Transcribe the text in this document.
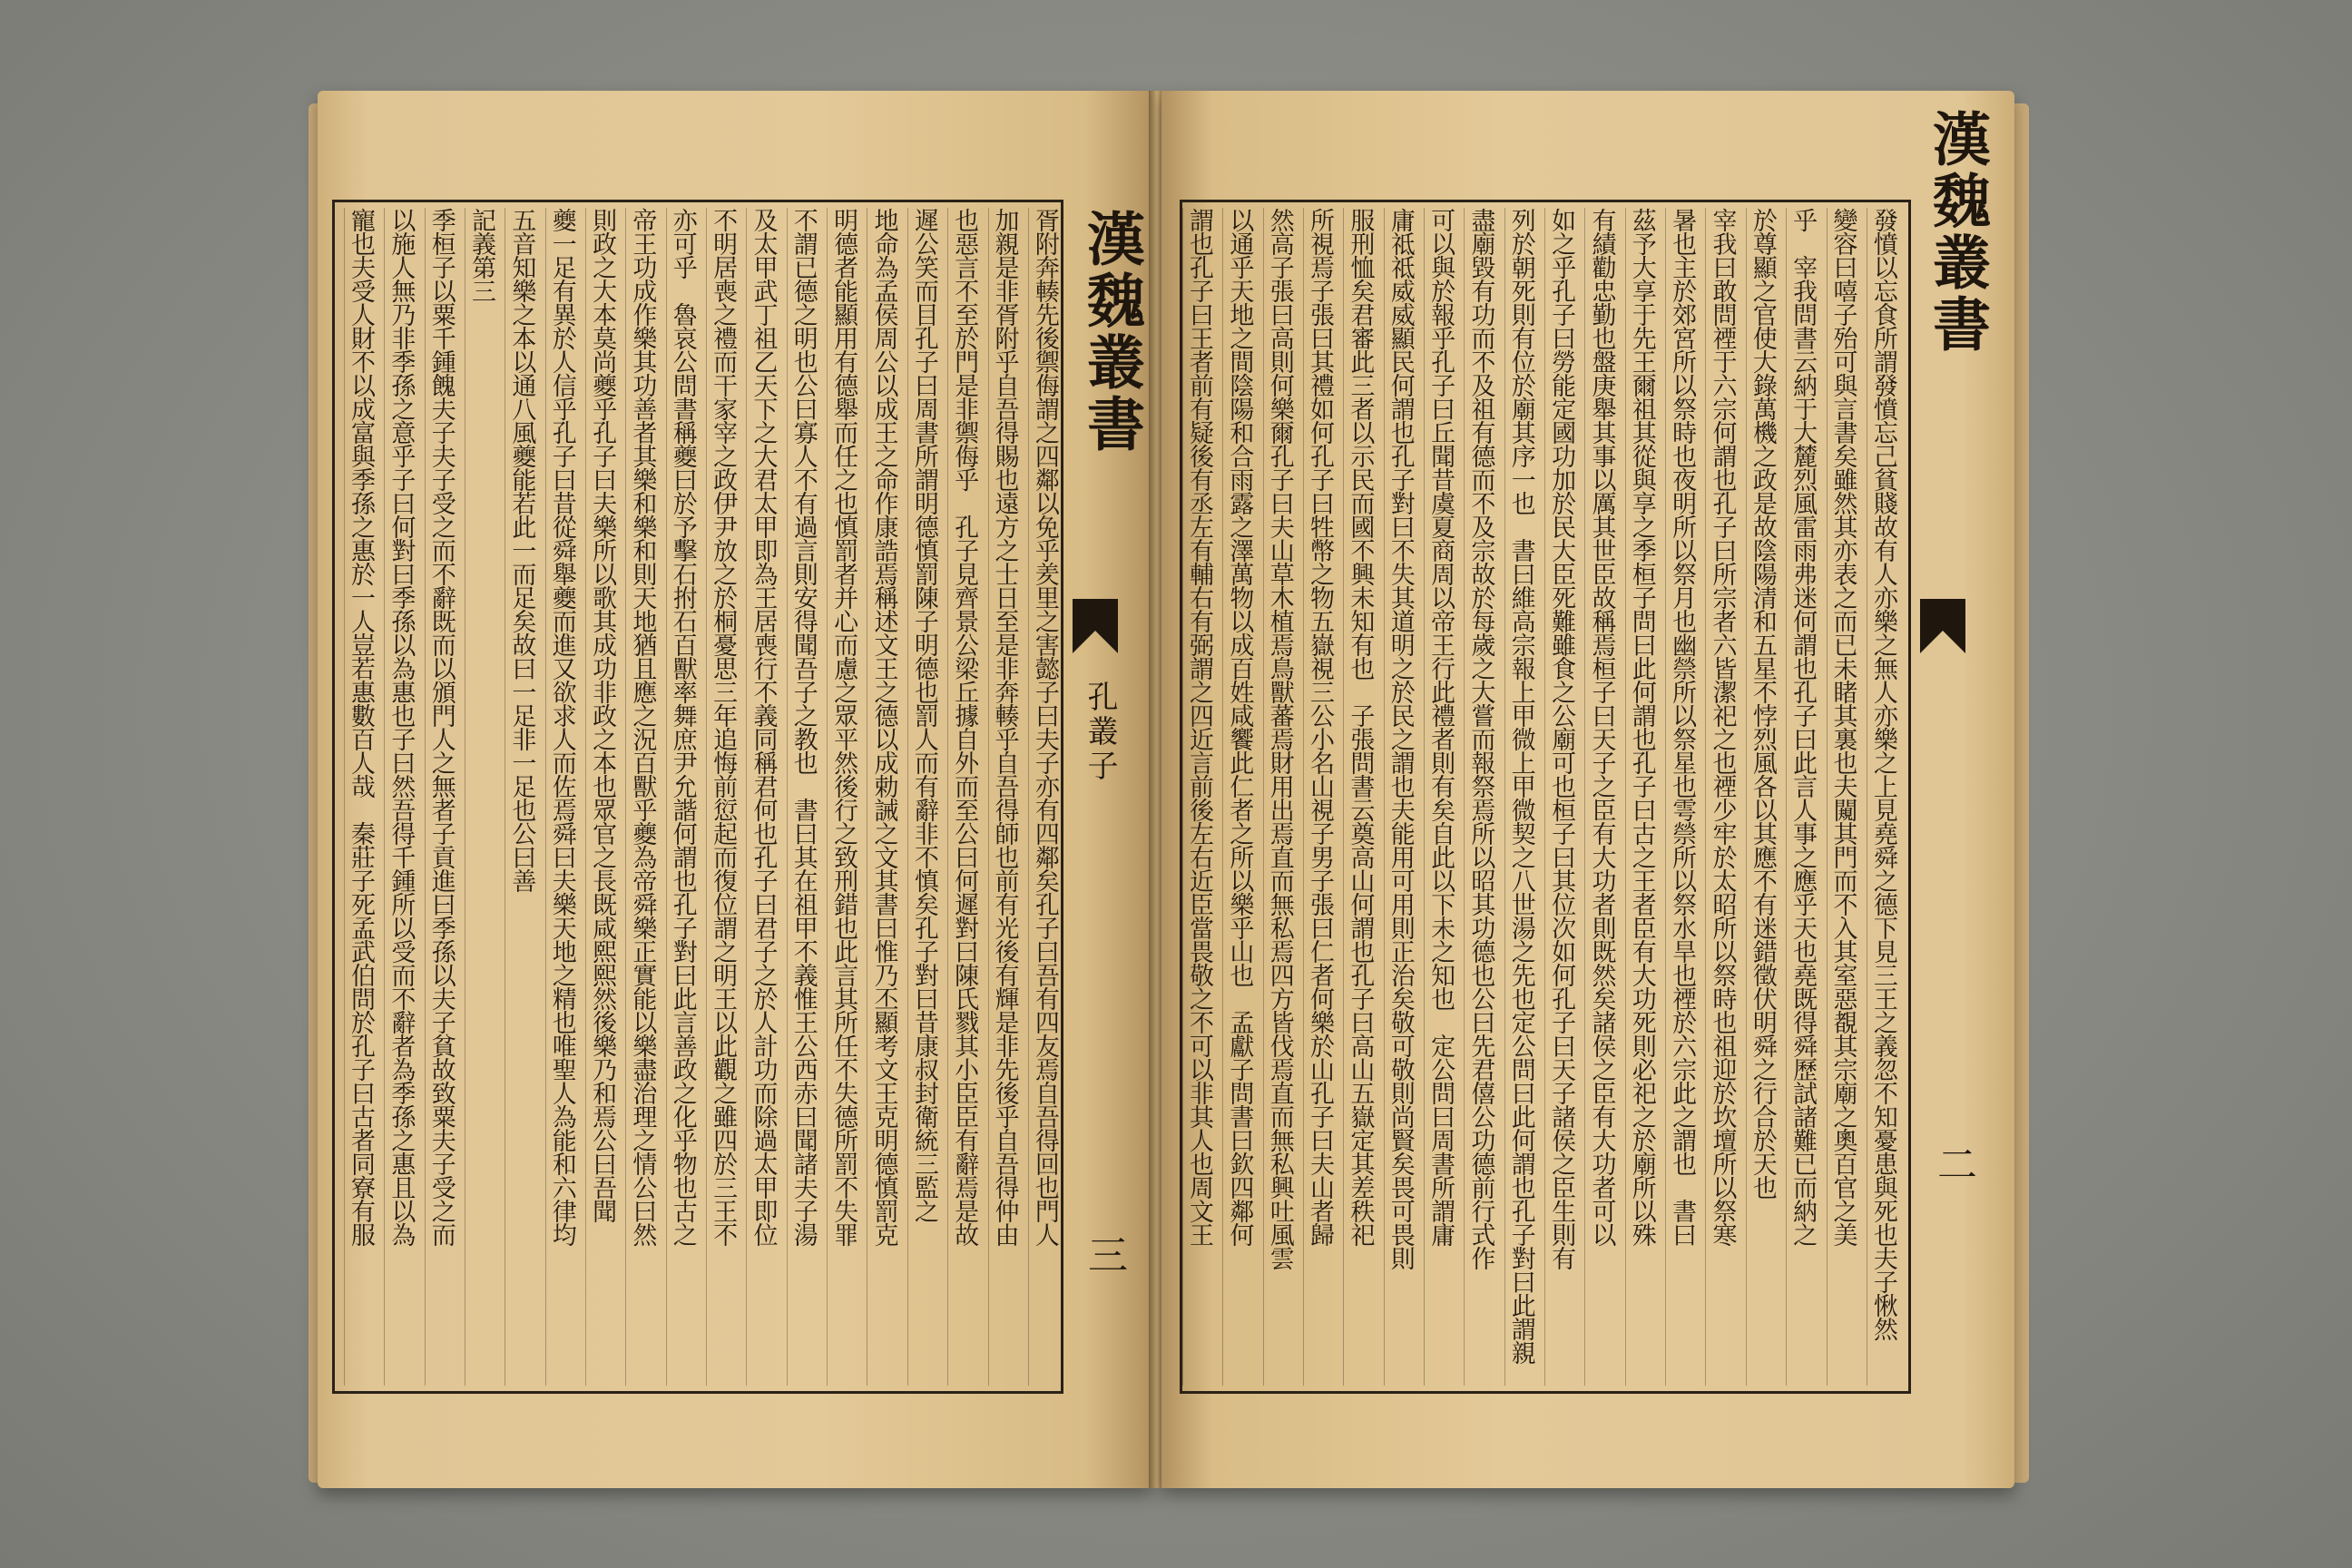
胥附奔輳先後禦侮謂之四鄰以免乎羑里之害懿子曰夫子亦有四鄰矣孔子曰吾有四友焉自吾得回也門人
加親是非胥附乎自吾得賜也遠方之士日至是非奔輳乎自吾得師也前有光後有輝是非先後乎自吾得仲由
也惡言不至於門是非禦侮乎　孔子見齊景公梁丘據自外而至公曰何遲對曰陳氏戮其小臣臣有辭焉是故
遲公笑而目孔子曰周書所謂明德慎罰陳子明德也罰人而有辭非不慎矣孔子對曰昔康叔封衛統三監之
地命為孟侯周公以成王之命作康誥焉稱述文王之德以成勅誡之文其書曰惟乃丕顯考文王克明德慎罰克
明德者能顯用有德舉而任之也慎罰者并心而慮之眾平然後行之致刑錯也此言其所任不失德所罰不失罪
不謂已德之明也公曰寡人不有過言則安得聞吾子之教也　書曰其在祖甲不義惟王公西赤曰聞諸夫子湯
及太甲武丁祖乙天下之大君太甲即為王居喪行不義同稱君何也孔子曰君子之於人計功而除過太甲即位
不明居喪之禮而干家宰之政伊尹放之於桐憂思三年追悔前愆起而復位謂之明王以此觀之雖四於三王不
亦可乎　魯哀公問書稱夔曰於予擊石拊石百獸率舞庶尹允諧何謂也孔子對曰此言善政之化乎物也古之
帝王功成作樂其功善者其樂和樂和則天地猶且應之況百獸乎夔為帝舜樂正實能以樂盡治理之情公曰然
則政之大本莫尚夔乎孔子曰夫樂所以歌其成功非政之本也眾官之長既咸熙熙然後樂乃和焉公曰吾聞
夔一足有異於人信乎孔子曰昔從舜舉夔而進又欲求人而佐焉舜曰夫樂天地之精也唯聖人為能和六律均
五音知樂之本以通八風夔能若此一而足矣故曰一足非一足也公曰善
記義第三
季桓子以粟千鍾餽夫子夫子受之而不辭既而以頒門人之無者子貢進曰季孫以夫子貧故致粟夫子受之而
以施人無乃非季孫之意乎子曰何對曰季孫以為惠也子曰然吾得千鍾所以受而不辭者為季孫之惠且以為
寵也夫受人財不以成富與季孫之惠於一人豈若惠數百人哉　秦莊子死孟武伯問於孔子曰古者同寮有服	漢魏叢書
孔叢子
三	發憤以忘食所謂發憤忘己貧賤故有人亦樂之無人亦樂之上見堯舜之德下見三王之義忽不知憂患與死也夫子愀然
變容曰嘻子殆可與言書矣雖然其亦表之而已未睹其裏也夫闚其門而不入其室惡覩其宗廟之奧百官之美
乎　宰我問書云納于大麓烈風雷雨弗迷何謂也孔子曰此言人事之應乎天也堯既得舜歷試諸難已而納之
於尊顯之官使大錄萬機之政是故陰陽清和五星不悖烈風各以其應不有迷錯徵伏明舜之行合於天也
宰我曰敢問禋于六宗何謂也孔子曰所宗者六皆潔祀之也禋少牢於太昭所以祭時也祖迎於坎壇所以祭寒
暑也主於郊宮所以祭時也夜明所以祭月也幽禜所以祭星也雩禜所以祭水旱也禋於六宗此之謂也　書曰
茲予大享于先王爾祖其從與享之季桓子問曰此何謂也孔子曰古之王者臣有大功死則必祀之於廟所以殊
有績勸忠勤也盤庚舉其事以厲其世臣故稱焉桓子曰天子之臣有大功者則既然矣諸侯之臣有大功者可以
如之乎孔子曰勞能定國功加於民大臣死難雖食之公廟可也桓子曰其位次如何孔子曰天子諸侯之臣生則有
列於朝死則有位於廟其序一也　書曰維高宗報上甲微上甲微契之八世湯之先也定公問曰此何謂也孔子對曰此謂親
盡廟毀有功而不及祖有德而不及宗故於每歲之大嘗而報祭焉所以昭其功德也公曰先君僖公功德前行式作
可以與於報乎孔子曰丘聞昔虞夏商周以帝王行此禮者則有矣自此以下未之知也　定公問曰周書所謂庸
庸祗祗威威顯民何謂也孔子對曰不失其道明之於民之謂也夫能用可用則正治矣敬可敬則尚賢矣畏可畏則
服刑恤矣君審此三者以示民而國不興未知有也　子張問書云奠高山何謂也孔子曰高山五嶽定其差秩祀
所視焉子張曰其禮如何孔子曰牲幣之物五嶽視三公小名山視子男子張曰仁者何樂於山孔子曰夫山者歸
然高子張曰高則何樂爾孔子曰夫山草木植焉鳥獸蕃焉財用出焉直而無私焉四方皆伐焉直而無私興吐風雲
以通乎天地之間陰陽和合雨露之澤萬物以成百姓咸饗此仁者之所以樂乎山也　孟獻子問書曰欽四鄰何
謂也孔子曰王者前有疑後有丞左有輔右有弼謂之四近言前後左右近臣當畏敬之不可以非其人也周文王	漢魏叢書
二
